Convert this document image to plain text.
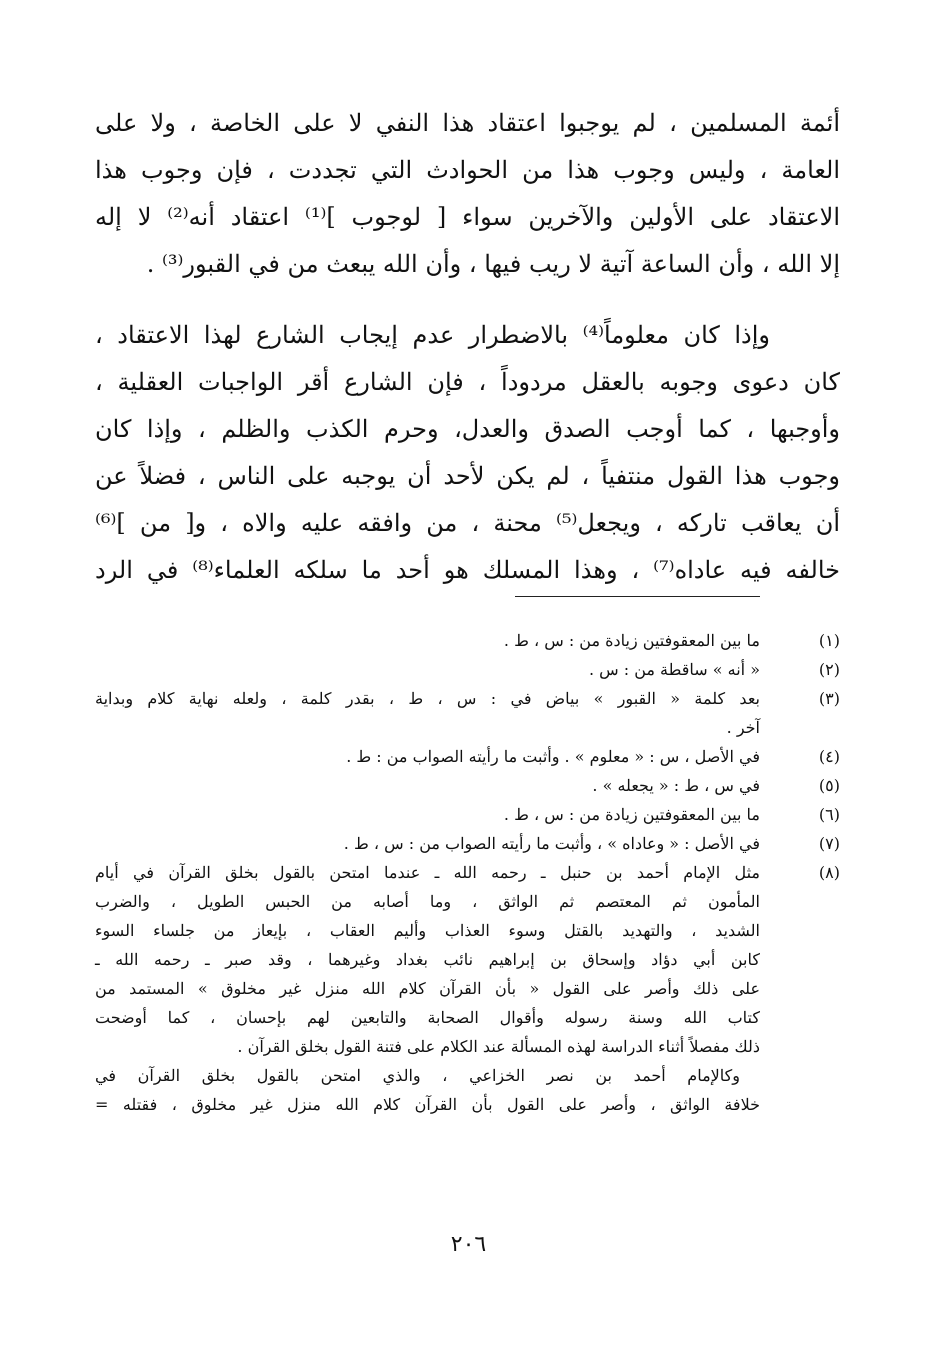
أئمة المسلمين ، لم يوجبوا اعتقاد هذا النفي لا على الخاصة ، ولا على
العامة ، وليس وجوب هذا من الحوادث التي تجددت ، فإن وجوب هذا
الاعتقاد على الأولين والآخرين سواء [ لوجوب ]⁽¹⁾ اعتقاد أنه⁽²⁾ لا إله
إلا الله ، وأن الساعة آتية لا ريب فيها ، وأن الله يبعث من في القبور⁽³⁾ .
وإذا كان معلوماً⁽⁴⁾ بالاضطرار عدم إيجاب الشارع لهذا الاعتقاد ،
كان دعوى وجوبه بالعقل مردوداً ، فإن الشارع أقر الواجبات العقلية ،
وأوجبها ، كما أوجب الصدق والعدل، وحرم الكذب والظلم ، وإذا كان
وجوب هذا القول منتفياً ، لم يكن لأحد أن يوجبه على الناس ، فضلاً عن
أن يعاقب تاركه ، ويجعل⁽⁵⁾ محنة ، من وافقه عليه والاه ، و[ من ]⁽⁶⁾
خالفه فيه عاداه⁽⁷⁾ ، وهذا المسلك هو أحد ما سلكه العلماء⁽⁸⁾ في الرد
(١)
ما بين المعقوفتين زيادة من : س ، ط .
(٢)
« أنه » ساقطة من : س .
(٣)
بعد كلمة « القبور » بياض في : س ، ط ، بقدر كلمة ، ولعله نهاية كلام وبداية
آخر .
(٤)
في الأصل ، س : « معلوم » . وأثبت ما رأيته الصواب من : ط .
(٥)
في س ، ط : « يجعله » .
(٦)
ما بين المعقوفتين زيادة من : س ، ط .
(٧)
في الأصل : « وعاداه » ، وأثبت ما رأيته الصواب من : س ، ط .
(٨)
مثل الإمام أحمد بن حنبل ـ رحمه الله ـ عندما امتحن بالقول بخلق القرآن في أيام
المأمون ثم المعتصم ثم الواثق ، وما أصابه من الحبس الطويل ، والضرب
الشديد ، والتهديد بالقتل وسوء العذاب وأليم العقاب ، بإيعاز من جلساء السوء
كابن أبي دؤاد وإسحاق بن إبراهيم نائب بغداد وغيرهما ، وقد صبر ـ رحمه الله ـ
على ذلك وأصر على القول « بأن القرآن كلام الله منزل غير مخلوق » المستمد من
كتاب الله وسنة رسوله وأقوال الصحابة والتابعين لهم بإحسان ، كما أوضحت
ذلك مفصلاً أثناء الدراسة لهذه المسألة عند الكلام على فتنة القول بخلق القرآن .
وكالإمام أحمد بن نصر الخزاعي ، والذي امتحن بالقول بخلق القرآن في
خلافة الواثق ، وأصر على القول بأن القرآن كلام الله منزل غير مخلوق ، فقتله =
٢٠٦
